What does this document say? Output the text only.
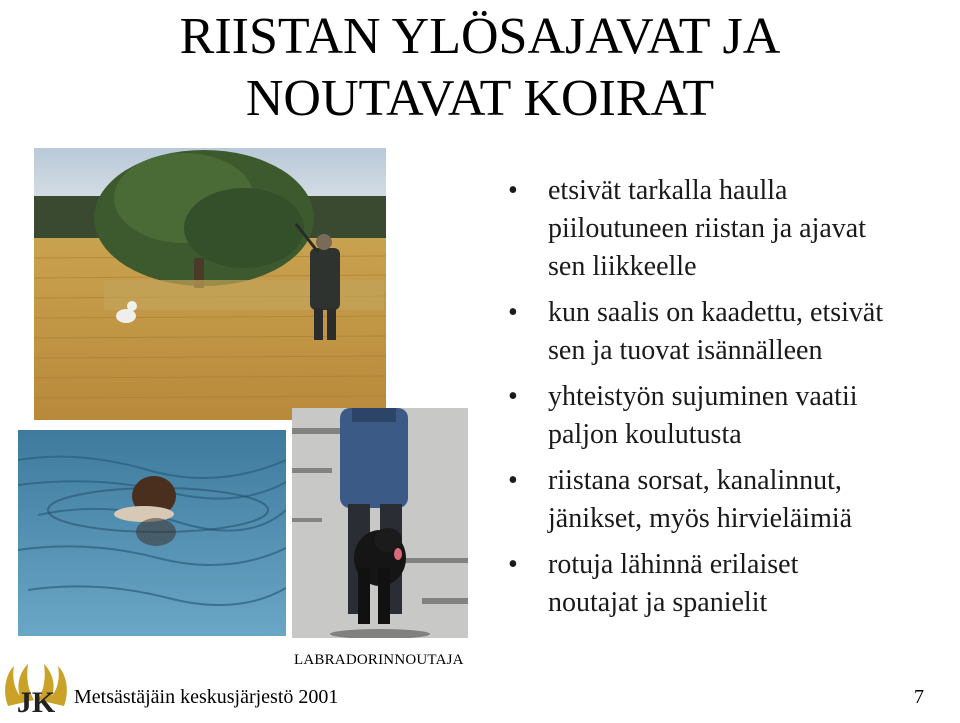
RIISTAN YLÖSAJAVAT JA
NOUTAVAT KOIRAT
LABRADORINNOUTAJA
• etsivät tarkalla haulla
piiloutuneen riistan ja ajavat
sen liikkeelle
• kun saalis on kaadettu, etsivät
sen ja tuovat isännälleen
• yhteistyön sujuminen vaatii
paljon koulutusta
• riistana sorsat, kanalinnut,
jänikset, myös hirvieläimiä
• rotuja lähinnä erilaiset
noutajat ja spanielit
JK Metsästäjäin keskusjärjestö 2001	7
